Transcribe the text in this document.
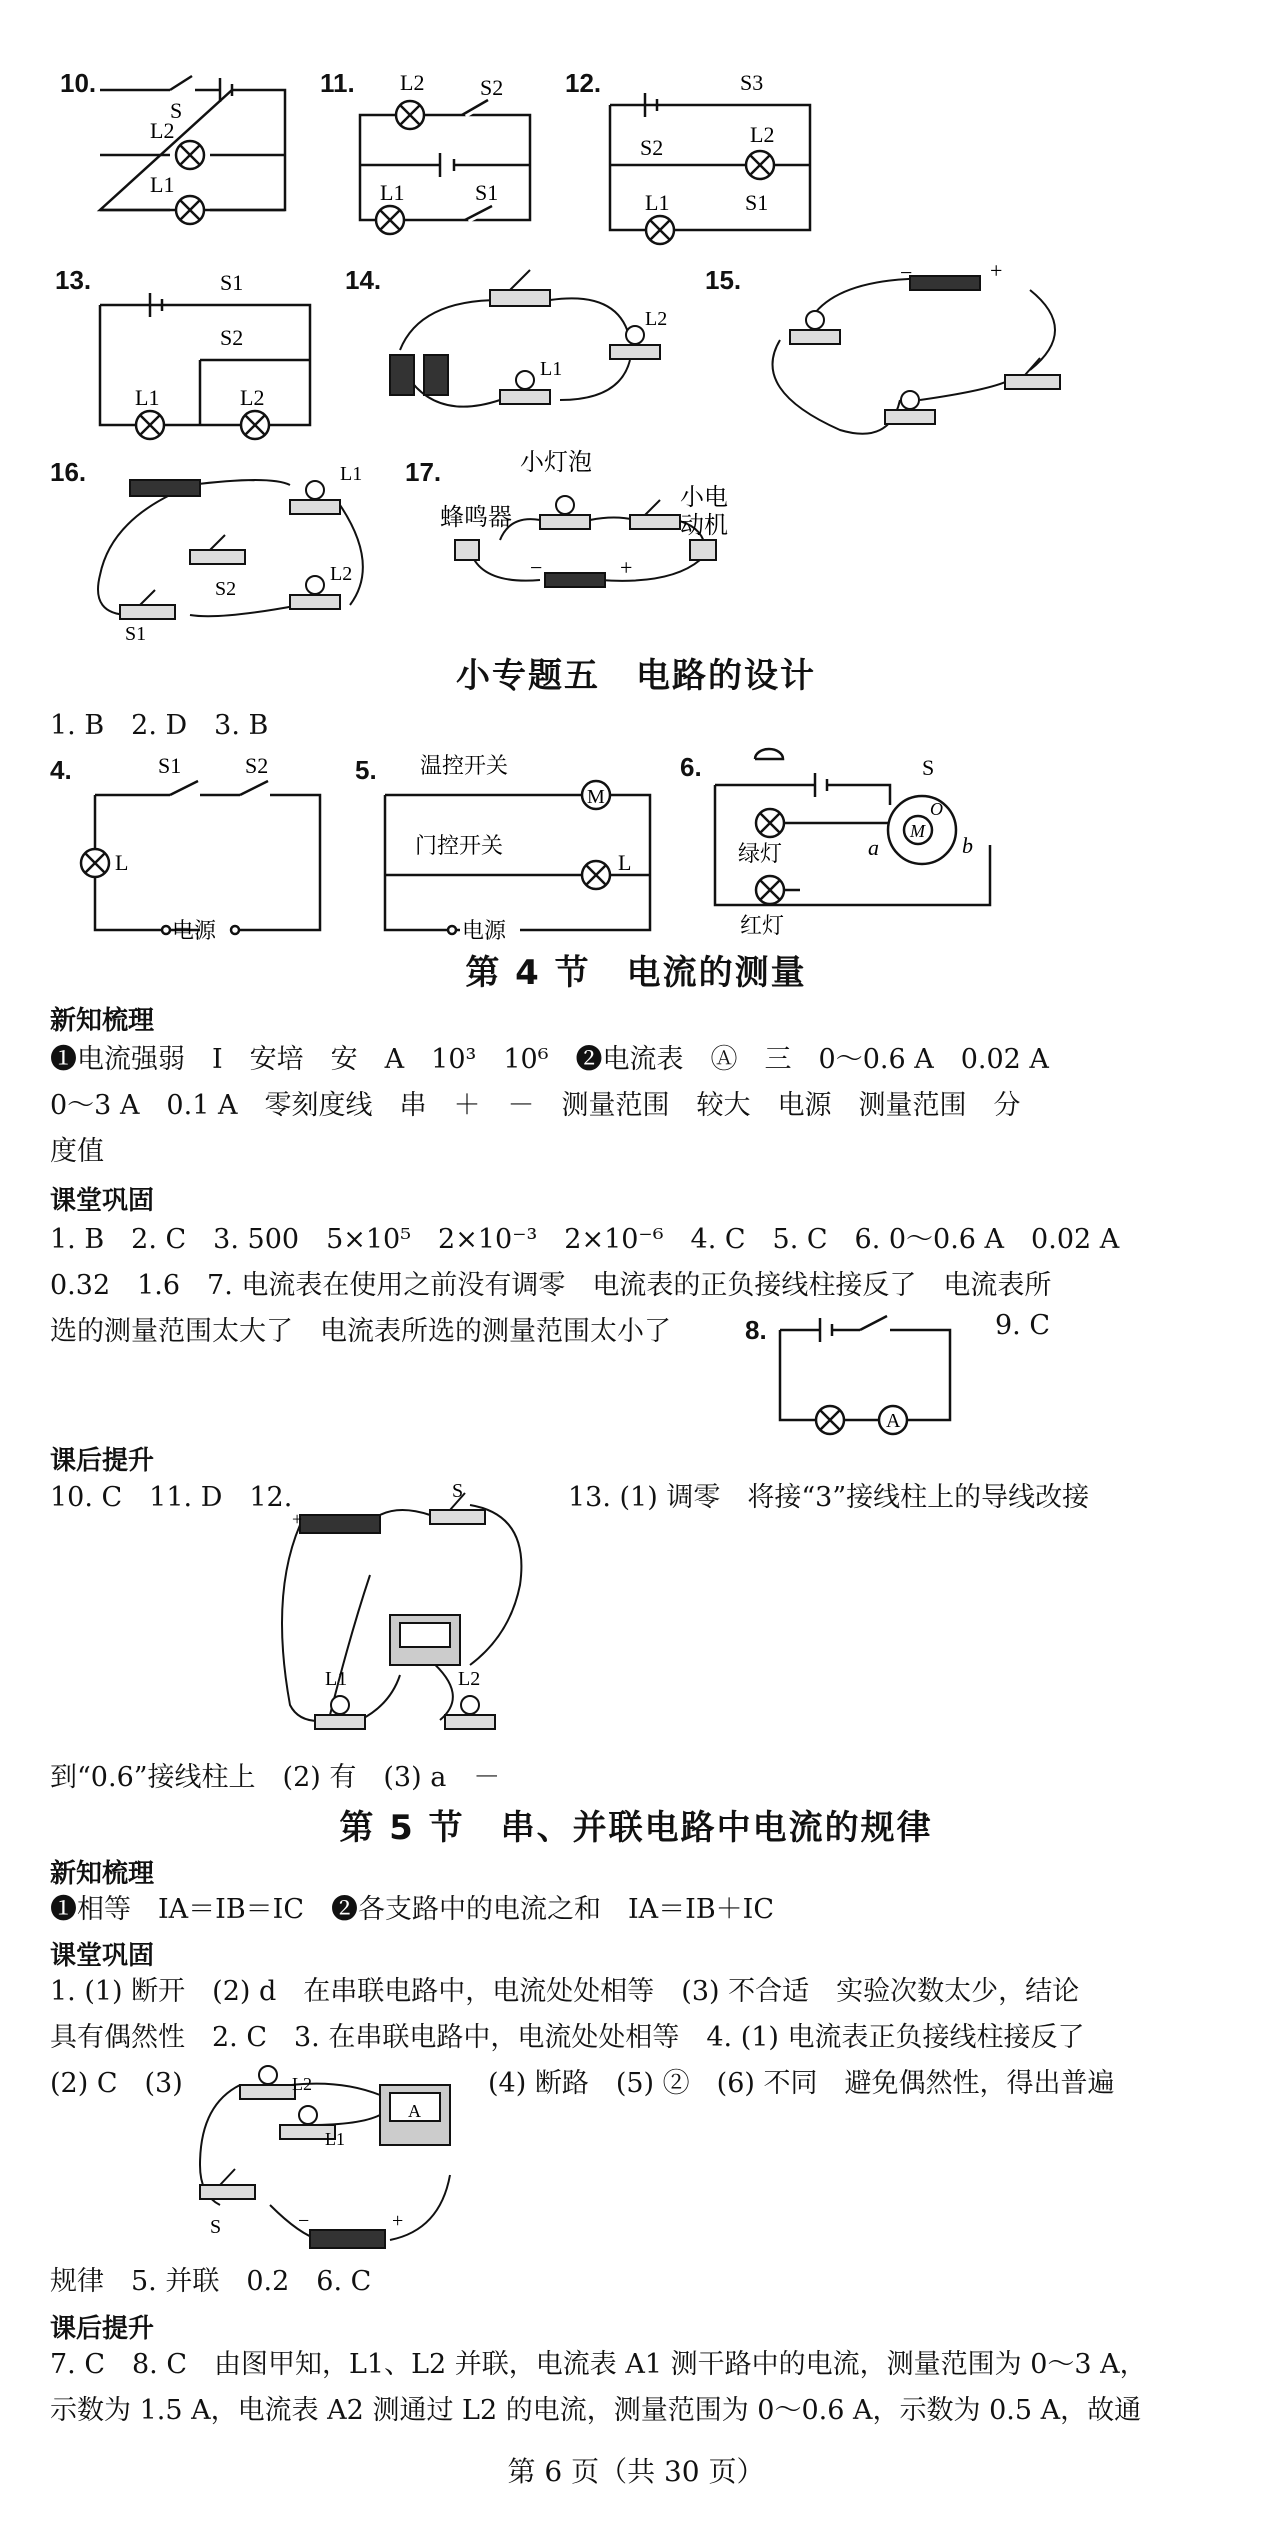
10.
S
L2
L1
11. L2	S2
L1	S1
12.	S3
S2
L2
L1	S1
13.	S1
S2
L1	L2
14.
L2
L1
15.	−	+
16.	L1
S2
L2
S1
17.	小灯泡
蜂鸣器
小电
动机
−	+
小专题五　电路的设计
1. B　2. D　3. B
4.	S1	S2
L
电源
5. 温控开关
M
门控开关
L
电源
6.	S
O
M
绿灯	a	b
红灯
第 4 节　电流的测量
新知梳理
❶电流强弱　I　安培　安　A　10³　10⁶　❷电流表　Ⓐ　三　0～0.6 A　0.02 A
0～3 A　0.1 A　零刻度线　串　＋　－　测量范围　较大　电源　测量范围　分
度值
课堂巩固
1. B　2. C　3. 500　5×10⁵　2×10⁻³　2×10⁻⁶　4. C　5. C　6. 0～0.6 A　0.02 A
0.32　1.6　7. 电流表在使用之前没有调零　电流表的正负接线柱接反了　电流表所
选的测量范围太大了　电流表所选的测量范围太小了	8.
A
9. C
课后提升
10. C　11. D　12.
+
S
L1	L2
13. (1) 调零　将接“3”接线柱上的导线改接
到“0.6”接线柱上　(2) 有　(3) a　－
第 5 节　串、并联电路中电流的规律
新知梳理
❶相等　IA＝IB＝IC　❷各支路中的电流之和　IA＝IB＋IC
课堂巩固
1. (1) 断开　(2) d　在串联电路中，电流处处相等　(3) 不合适　实验次数太少，结论
具有偶然性　2. C　3. 在串联电路中，电流处处相等　4. (1) 电流表正负接线柱接反了
(2) C　(3)	(4) 断路　(5) ②　(6) 不同　避免偶然性，得出普遍
L2
A
L1
S	−	+
规律　5. 并联　0.2　6. C
课后提升
7. C　8. C　由图甲知，L1、L2 并联，电流表 A1 测干路中的电流，测量范围为 0～3 A，
示数为 1.5 A，电流表 A2 测通过 L2 的电流，测量范围为 0～0.6 A，示数为 0.5 A，故通
第 6 页（共 30 页）
